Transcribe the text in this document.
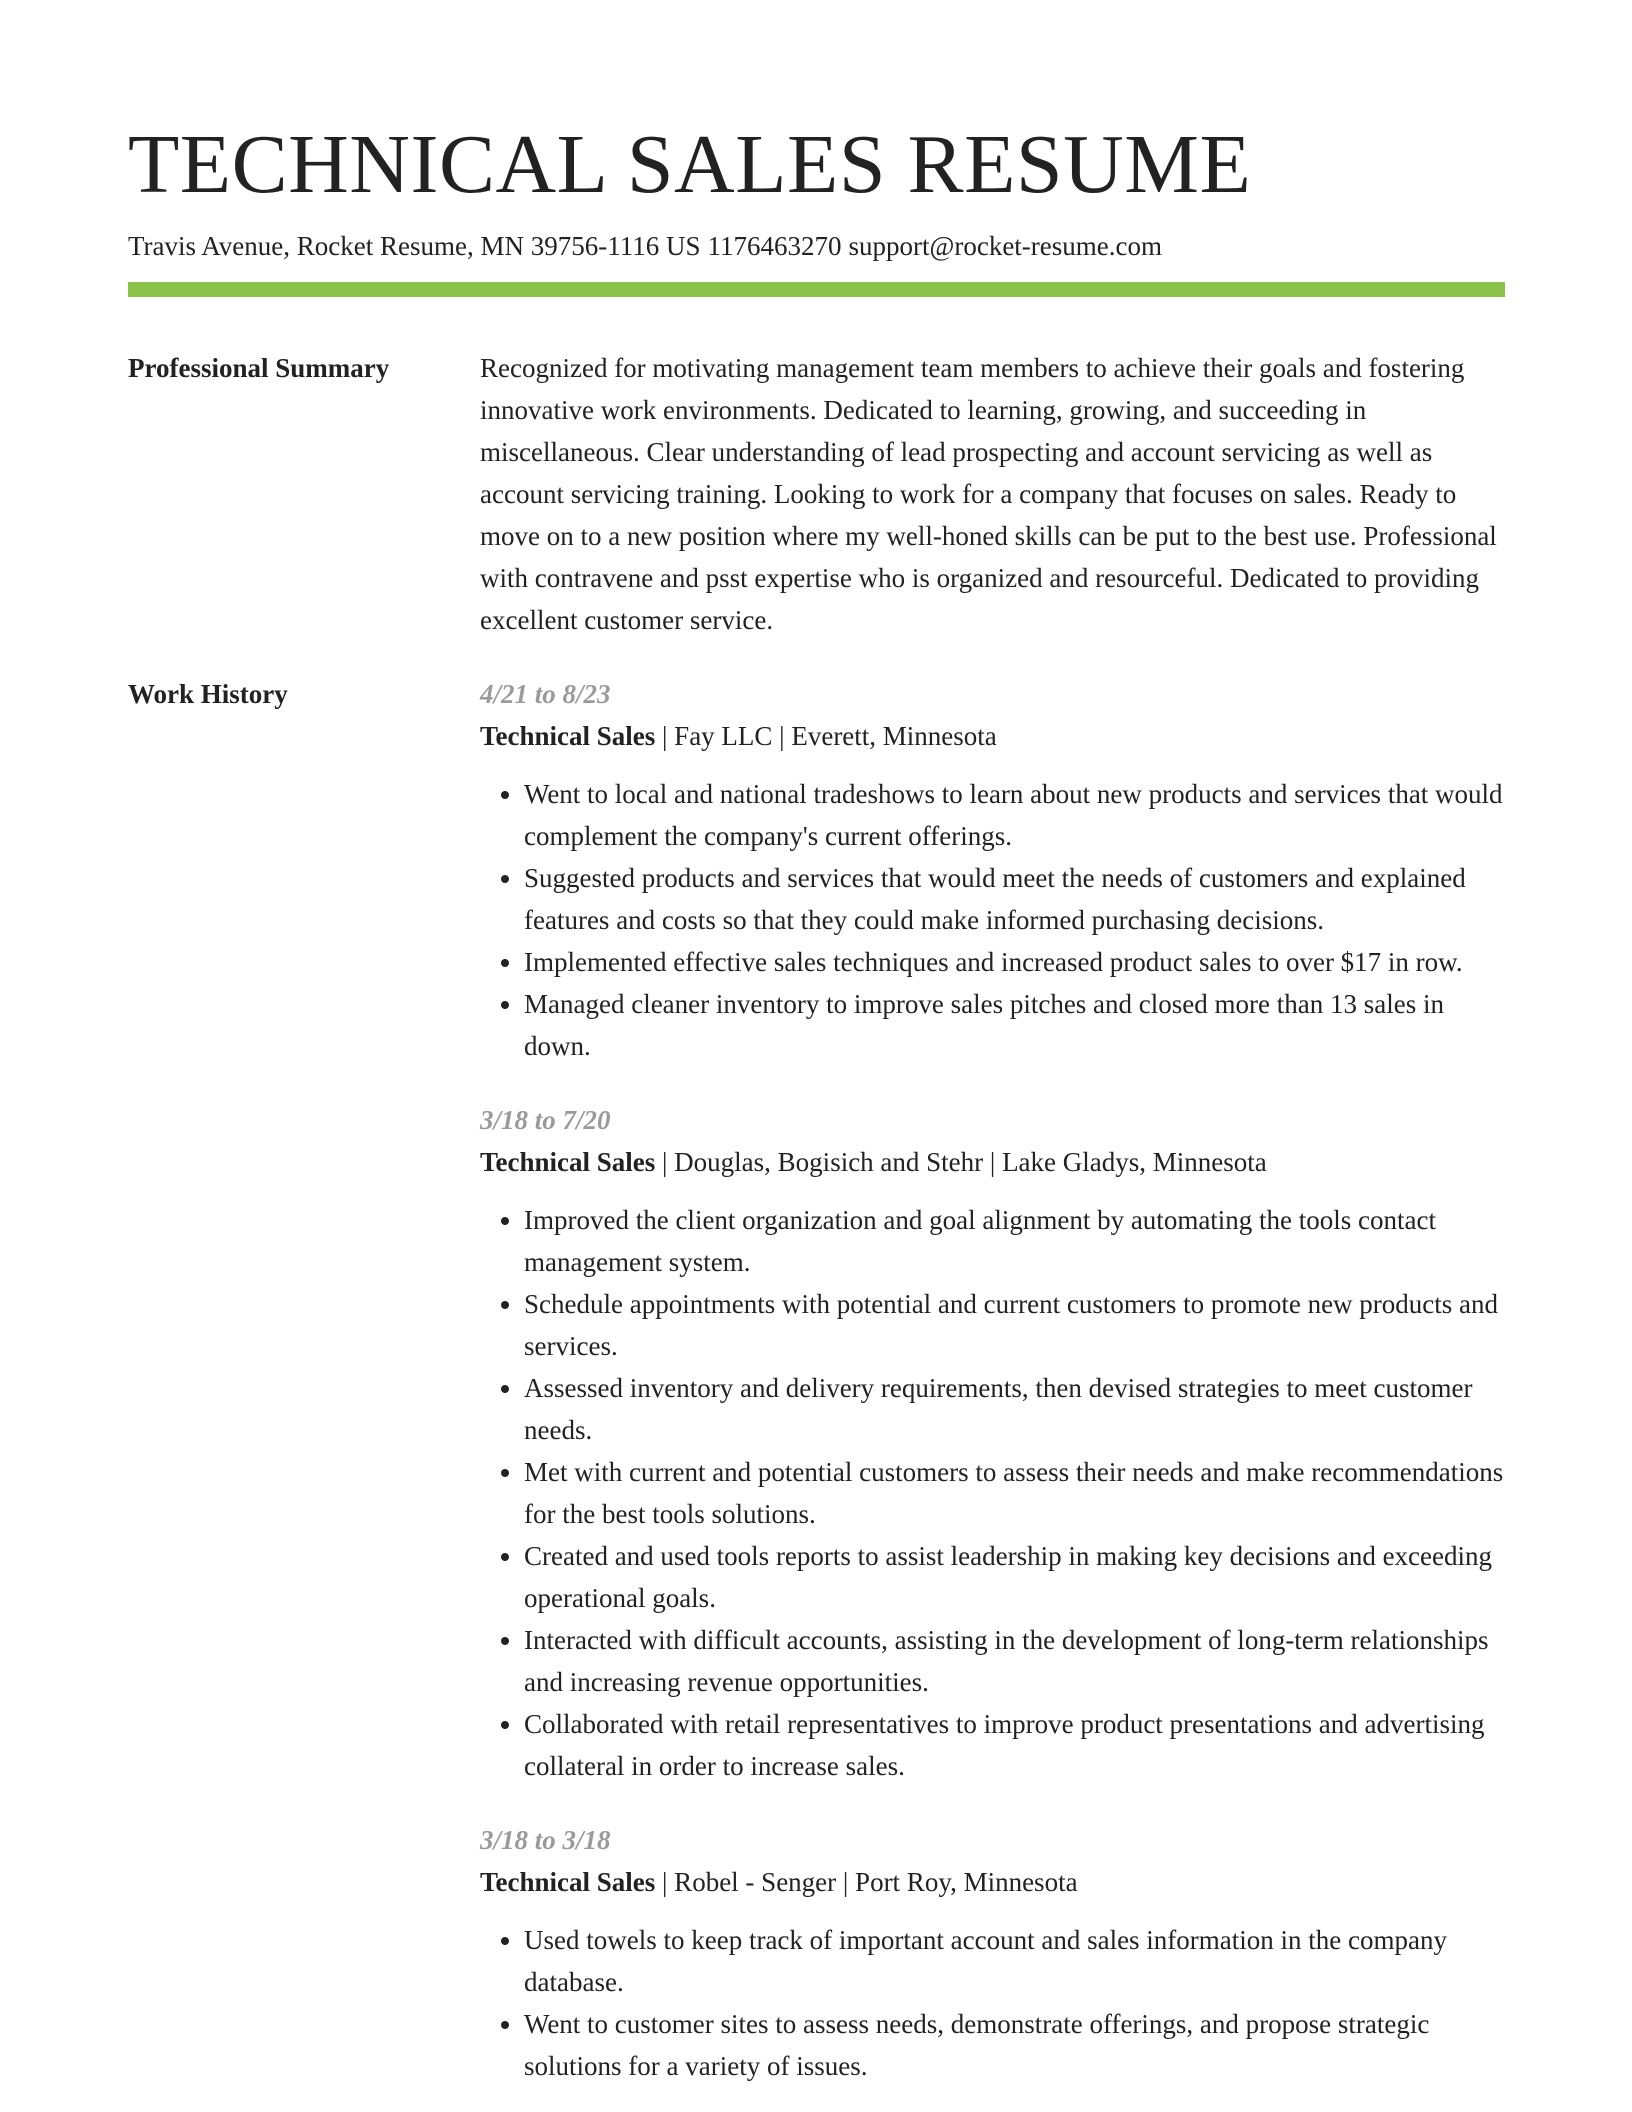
TECHNICAL SALES RESUME
Travis Avenue, Rocket Resume, MN 39756-1116 US 1176463270 support@rocket-resume.com
Professional Summary	Recognized for motivating management team members to achieve their goals and fostering innovative work environments. Dedicated to learning, growing, and succeeding in miscellaneous. Clear understanding of lead prospecting and account servicing as well as account servicing training. Looking to work for a company that focuses on sales. Ready to move on to a new position where my well-honed skills can be put to the best use. Professional with contravene and psst expertise who is organized and resourceful. Dedicated to providing excellent customer service.
Work History	4/21 to 8/23
Technical Sales | Fay LLC | Everett, Minnesota
• Went to local and national tradeshows to learn about new products and services that would complement the company's current offerings.
• Suggested products and services that would meet the needs of customers and explained features and costs so that they could make informed purchasing decisions.
• Implemented effective sales techniques and increased product sales to over $17 in row.
• Managed cleaner inventory to improve sales pitches and closed more than 13 sales in down.
3/18 to 7/20
Technical Sales | Douglas, Bogisich and Stehr | Lake Gladys, Minnesota
• Improved the client organization and goal alignment by automating the tools contact management system.
• Schedule appointments with potential and current customers to promote new products and services.
• Assessed inventory and delivery requirements, then devised strategies to meet customer needs.
• Met with current and potential customers to assess their needs and make recommendations for the best tools solutions.
• Created and used tools reports to assist leadership in making key decisions and exceeding operational goals.
• Interacted with difficult accounts, assisting in the development of long-term relationships and increasing revenue opportunities.
• Collaborated with retail representatives to improve product presentations and advertising collateral in order to increase sales.
3/18 to 3/18
Technical Sales | Robel - Senger | Port Roy, Minnesota
• Used towels to keep track of important account and sales information in the company database.
• Went to customer sites to assess needs, demonstrate offerings, and propose strategic solutions for a variety of issues.
